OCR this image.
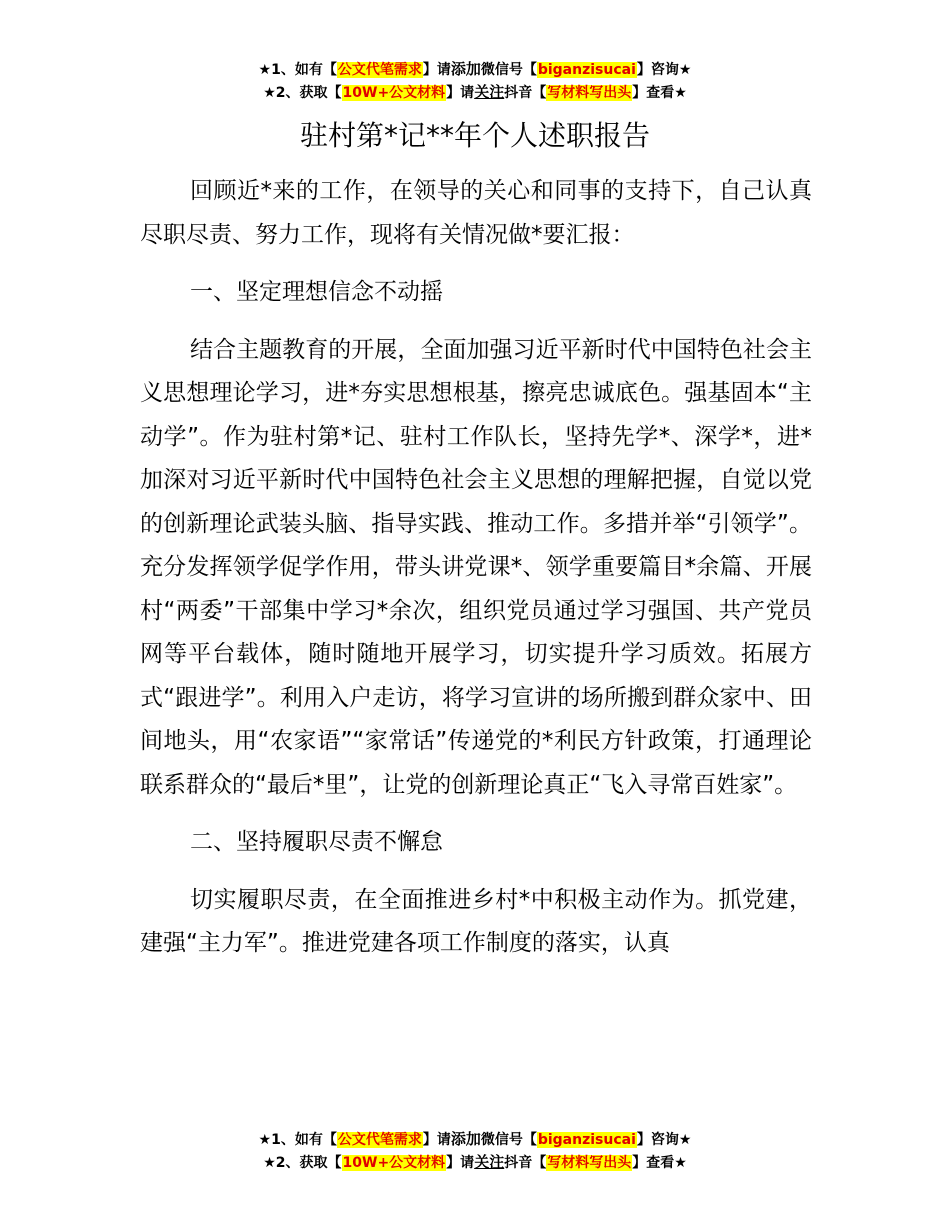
★1、如有【公文代笔需求】请添加微信号【biganzisucai】咨询★
★2、获取【10W+公文材料】请关注抖音【写材料写出头】查看★
驻村第*记**年个人述职报告

回顾近*来的工作，在领导的关心和同事的支持下，自己认真尽职尽责、努力工作，现将有关情况做*要汇报：

一、坚定理想信念不动摇

结合主题教育的开展，全面加强习近平新时代中国特色社会主义思想理论学习，进*夯实思想根基，擦亮忠诚底色。强基固本“主动学”。作为驻村第*记、驻村工作队长，坚持先学*、深学*，进*加深对习近平新时代中国特色社会主义思想的理解把握，自觉以党的创新理论武装头脑、指导实践、推动工作。多措并举“引领学”。充分发挥领学促学作用，带头讲党课*、领学重要篇目*余篇、开展村“两委”干部集中学习*余次，组织党员通过学习强国、共产党员网等平台载体，随时随地开展学习，切实提升学习质效。拓展方式“跟进学”。利用入户走访，将学习宣讲的场所搬到群众家中、田间地头，用“农家语”“家常话”传递党的*利民方针政策，打通理论联系群众的“最后*里”，让党的创新理论真正“飞入寻常百姓家”。

二、坚持履职尽责不懈怠

切实履职尽责，在全面推进乡村*中积极主动作为。抓党建，建强“主力军”。推进党建各项工作制度的落实，认真

★1、如有【公文代笔需求】请添加微信号【biganzisucai】咨询★
★2、获取【10W+公文材料】请关注抖音【写材料写出头】查看★
